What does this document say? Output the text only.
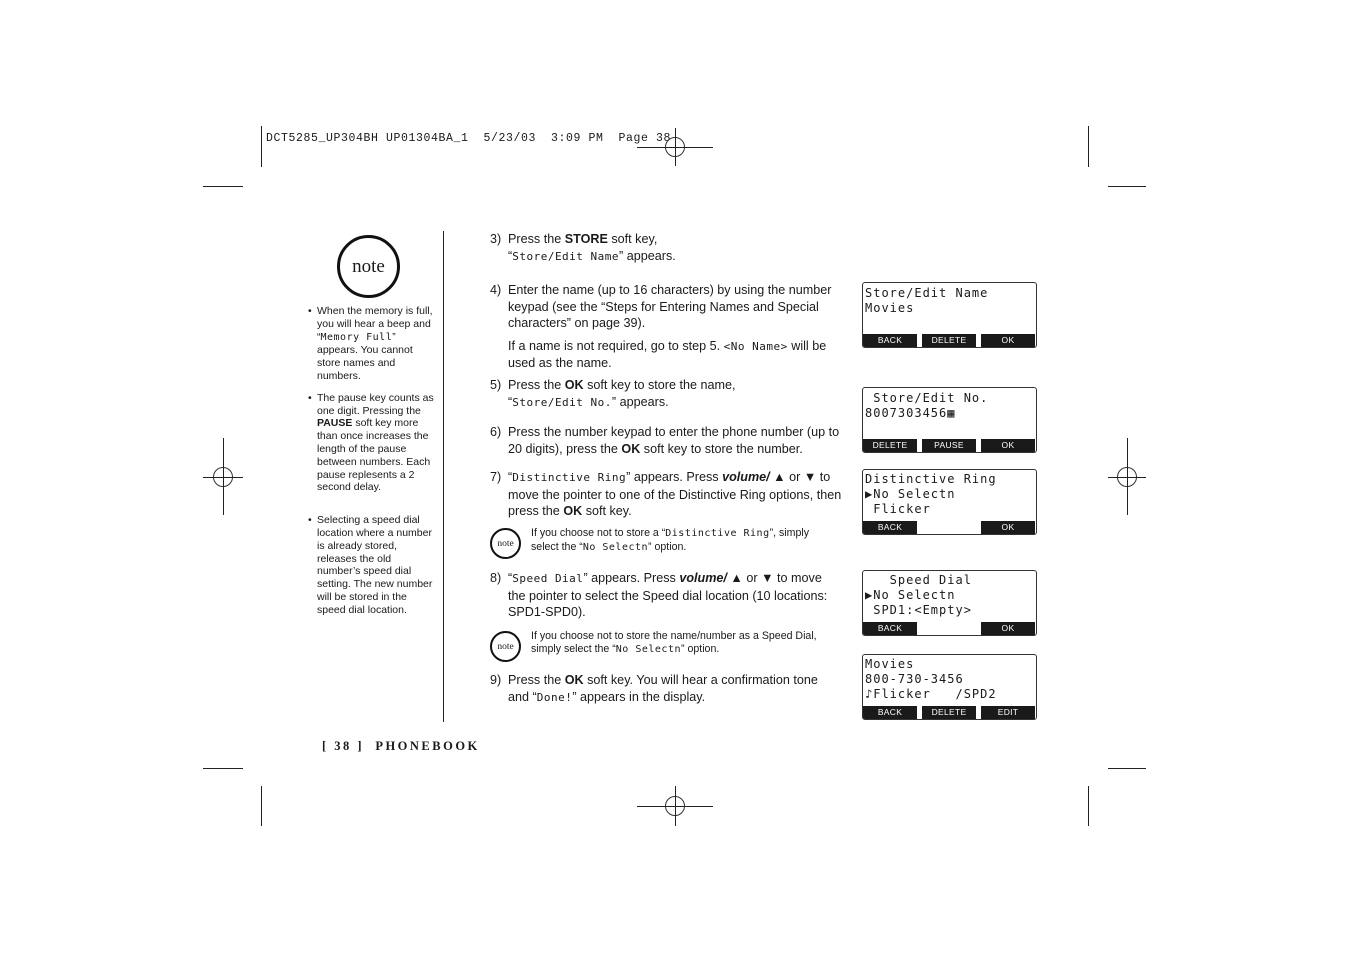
DCT5285_UP304BH UP01304BA_1  5/23/03  3:09 PM  Page 38
note
• When the memory is full, you will hear a beep and “Memory Full” appears. You cannot store names and numbers.
• The pause key counts as one digit. Pressing the PAUSE soft key more than once increases the length of the pause between numbers. Each pause replesents a 2 second delay.
• Selecting a speed dial location where a number is already stored, releases the old number’s speed dial setting. The new number will be stored in the speed dial location.
3) Press the STORE soft key,
“Store/Edit Name” appears.

4) Enter the name (up to 16 characters) by using the number keypad (see the “Steps for Entering Names and Special characters” on page 39).

If a name is not required, go to step 5. <No Name> will be used as the name.

5) Press the OK soft key to store the name,
“Store/Edit No.” appears.

6) Press the number keypad to enter the phone number (up to 20 digits), press the OK soft key to store the number.

7) “Distinctive Ring” appears. Press volume/ ▲ or ▼ to move the pointer to one of the Distinctive Ring options, then press the OK soft key.

note
If you choose not to store a “Distinctive Ring”, simply select the “No Selectn” option.
8) “Speed Dial” appears. Press volume/ ▲ or ▼ to move the pointer to select the Speed dial location (10 locations: SPD1-SPD0).

note
If you choose not to store the name/number as a Speed Dial, simply select the “No Selectn” option.
9) Press the OK soft key. You will hear a confirmation tone and “Done!” appears in the display.

Store/Edit Name
Movies
BACK	DELETE	OK
Store/Edit No.
8007303456▦
DELETE	PAUSE	OK
Distinctive Ring
▶No Selectn
Flicker
BACK	OK
Speed Dial
▶No Selectn
SPD1:<Empty>
BACK	OK
Movies
800-730-3456
♪Flicker   /SPD2
BACK	DELETE	EDIT
[ 38 ] PHONEBOOK
